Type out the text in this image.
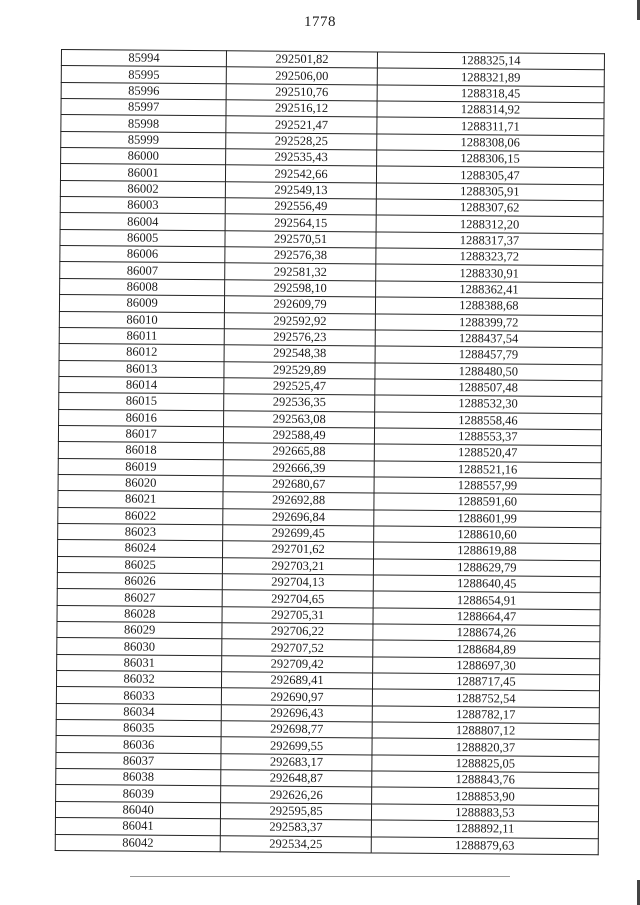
1778
85994	292501,82	1288325,14
85995	292506,00	1288321,89
85996	292510,76	1288318,45
85997	292516,12	1288314,92
85998	292521,47	1288311,71
85999	292528,25	1288308,06
86000	292535,43	1288306,15
86001	292542,66	1288305,47
86002	292549,13	1288305,91
86003	292556,49	1288307,62
86004	292564,15	1288312,20
86005	292570,51	1288317,37
86006	292576,38	1288323,72
86007	292581,32	1288330,91
86008	292598,10	1288362,41
86009	292609,79	1288388,68
86010	292592,92	1288399,72
86011	292576,23	1288437,54
86012	292548,38	1288457,79
86013	292529,89	1288480,50
86014	292525,47	1288507,48
86015	292536,35	1288532,30
86016	292563,08	1288558,46
86017	292588,49	1288553,37
86018	292665,88	1288520,47
86019	292666,39	1288521,16
86020	292680,67	1288557,99
86021	292692,88	1288591,60
86022	292696,84	1288601,99
86023	292699,45	1288610,60
86024	292701,62	1288619,88
86025	292703,21	1288629,79
86026	292704,13	1288640,45
86027	292704,65	1288654,91
86028	292705,31	1288664,47
86029	292706,22	1288674,26
86030	292707,52	1288684,89
86031	292709,42	1288697,30
86032	292689,41	1288717,45
86033	292690,97	1288752,54
86034	292696,43	1288782,17
86035	292698,77	1288807,12
86036	292699,55	1288820,37
86037	292683,17	1288825,05
86038	292648,87	1288843,76
86039	292626,26	1288853,90
86040	292595,85	1288883,53
86041	292583,37	1288892,11
86042	292534,25	1288879,63
